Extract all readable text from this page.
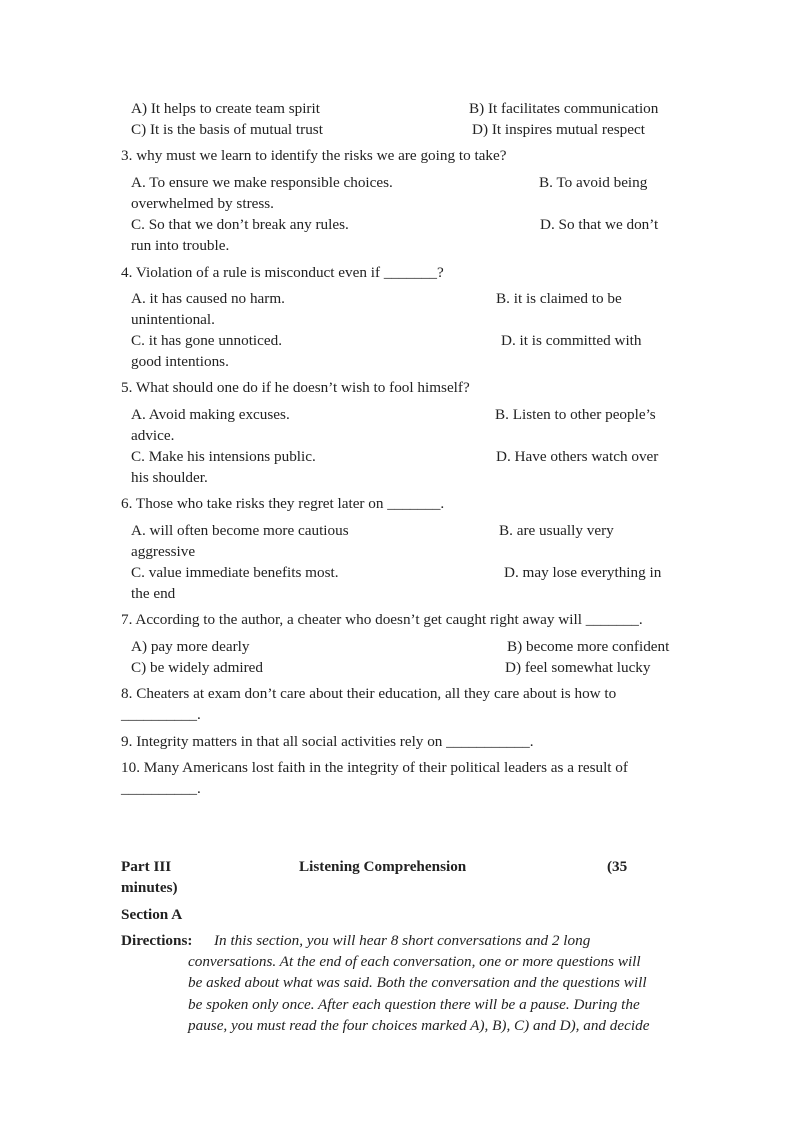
A) It helps to create team spirit	B) It facilitates communication
C) It is the basis of mutual trust	D) It inspires mutual respect
3. why must we learn to identify the risks we are going to take?
A. To ensure we make responsible choices.	B. To avoid being
overwhelmed by stress.
C. So that we don’t break any rules.	D. So that we don’t
run into trouble.
4. Violation of a rule is misconduct even if _______?
A. it has caused no harm.	B. it is claimed to be
unintentional.
C. it has gone unnoticed.	D. it is committed with
good intentions.
5. What should one do if he doesn’t wish to fool himself?
A. Avoid making excuses.	B. Listen to other people’s
advice.
C. Make his intensions public.	D. Have others watch over
his shoulder.
6. Those who take risks they regret later on _______.
A. will often become more cautious	B. are usually very
aggressive
C. value immediate benefits most.	D. may lose everything in
the end
7. According to the author, a cheater who doesn’t get caught right away will _______.
A) pay more dearly	B) become more confident
C) be widely admired	D) feel somewhat lucky
8. Cheaters at exam don’t care about their education, all they care about is how to
__________.
9. Integrity matters in that all social activities rely on ___________.
10. Many Americans lost faith in the integrity of their political leaders as a result of
__________.
Part III	Listening Comprehension	(35
minutes)
Section A
Directions: In this section, you will hear 8 short conversations and 2 long
conversations. At the end of each conversation, one or more questions will
be asked about what was said. Both the conversation and the questions will
be spoken only once. After each question there will be a pause. During the
pause, you must read the four choices marked A), B), C) and D), and decide
